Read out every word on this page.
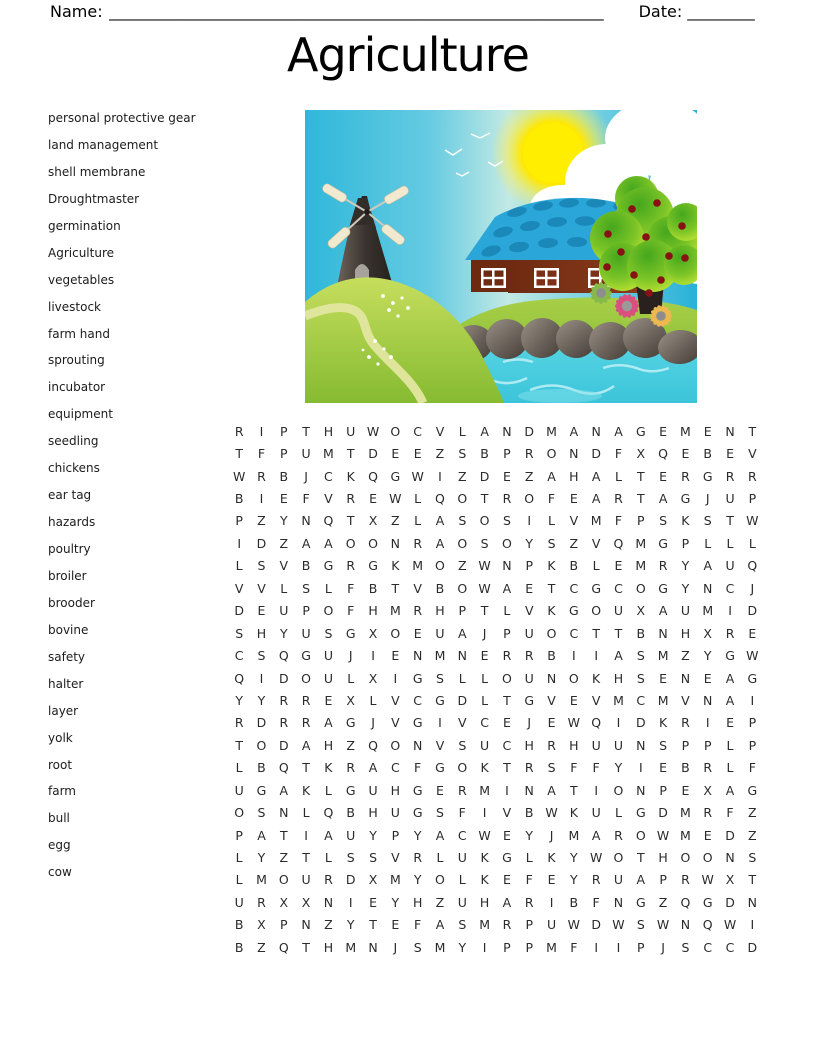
Name: __________________________________________________________________	Date: _________
Agriculture
personal protective gear
land management
shell membrane
Droughtmaster
germination
Agriculture
vegetables
livestock
farm hand
sprouting
incubator
equipment
seedling
chickens
ear tag
hazards
poultry
broiler
brooder
bovine
safety
halter
layer
yolk
root
farm
bull
egg
cow
R	I	P	T	H	U W O	C	V	L	A	N	D M	A	N	A	G	E	M	E	N	T
T	F	P	U M	T	D	E	E	Z	S	B	P	R	O	N	D	F	X	Q	E	B	E	V
W R	B	J	C	K	Q	G W	I	Z	D	E	Z	A	H	A	L	T	E	R	G	R	R
B	I	E	F	V	R	E W	L	Q O	T	R	O	F	E	A	R	T	A	G	J	U	P
P	Z	Y	N	Q	T	X	Z	L	A	S	O	S	I	L	V	M	F	P	S	K	S	T W
I	D	Z	A	A	O O	N	R	A	O	S	O	Y	S	Z	V	Q M G	P	L	L	L
L	S	V	B	G	R	G	K	M O	Z W N	P	K	B	L	E	M	R	Y	A	U	Q
V	V	L	S	L	F	B	T	V	B	O W A	E	T	C	G	C	O	G	Y	N	C	J
D	E	U	P	O	F	H M	R	H	P	T	L	V	K	G	O	U	X	A	U M	I	D
S	H	Y	U	S	G	X	O	E	U	A	J	P	U	O	C	T	T	B	N	H	X	R	E
C	S	Q	G	U	J	I	E	N M N	E	R	R	B	I	I	A	S	M	Z	Y	G W
Q	I	D	O	U	L	X	I	G	S	L	L	O	U	N	O	K	H	S	E	N	E	A	G
Y	Y	R	R	E	X	L	V	C	G	D	L	T	G	V	E	V	M	C	M	V	N	A	I
R	D	R	R	A	G	J	V	G	I	V	C	E	J	E W Q	I	D	K	R	I	E	P
T	O	D	A	H	Z	Q O	N	V	S	U	C	H	R	H	U	U	N	S	P	P	L	P
L	B	Q	T	K	R	A	C	F	G	O	K	T	R	S	F	F	Y	I	E	B	R	L	F
U	G	A	K	L	G	U	H	G	E	R	M	I	N	A	T	I	O	N	P	E	X	A	G
O	S	N	L	Q	B	H	U	G	S	F	I	V	B W K	U	L	G	D M	R	F	Z
P	A	T	I	A	U	Y	P	Y	A	C W E	Y	J	M	A	R	O W M	E	D	Z
L	Y	Z	T	L	S	S	V	R	L	U	K	G	L	K	Y W O	T	H	O O	N	S
L	M O	U	R	D	X	M	Y	O	L	K	E	F	E	Y	R	U	A	P	R W X	T
U	R	X	X	N	I	E	Y	H	Z	U	H	A	R	I	B	F	N	G	Z	Q	G	D	N
B	X	P	N	Z	Y	T	E	F	A	S	M	R	P	U W D W S W N	Q W	I
B	Z	Q	T	H M N	J	S	M	Y	I	P	P	M	F	I	I	P	J	S	C	C	D
